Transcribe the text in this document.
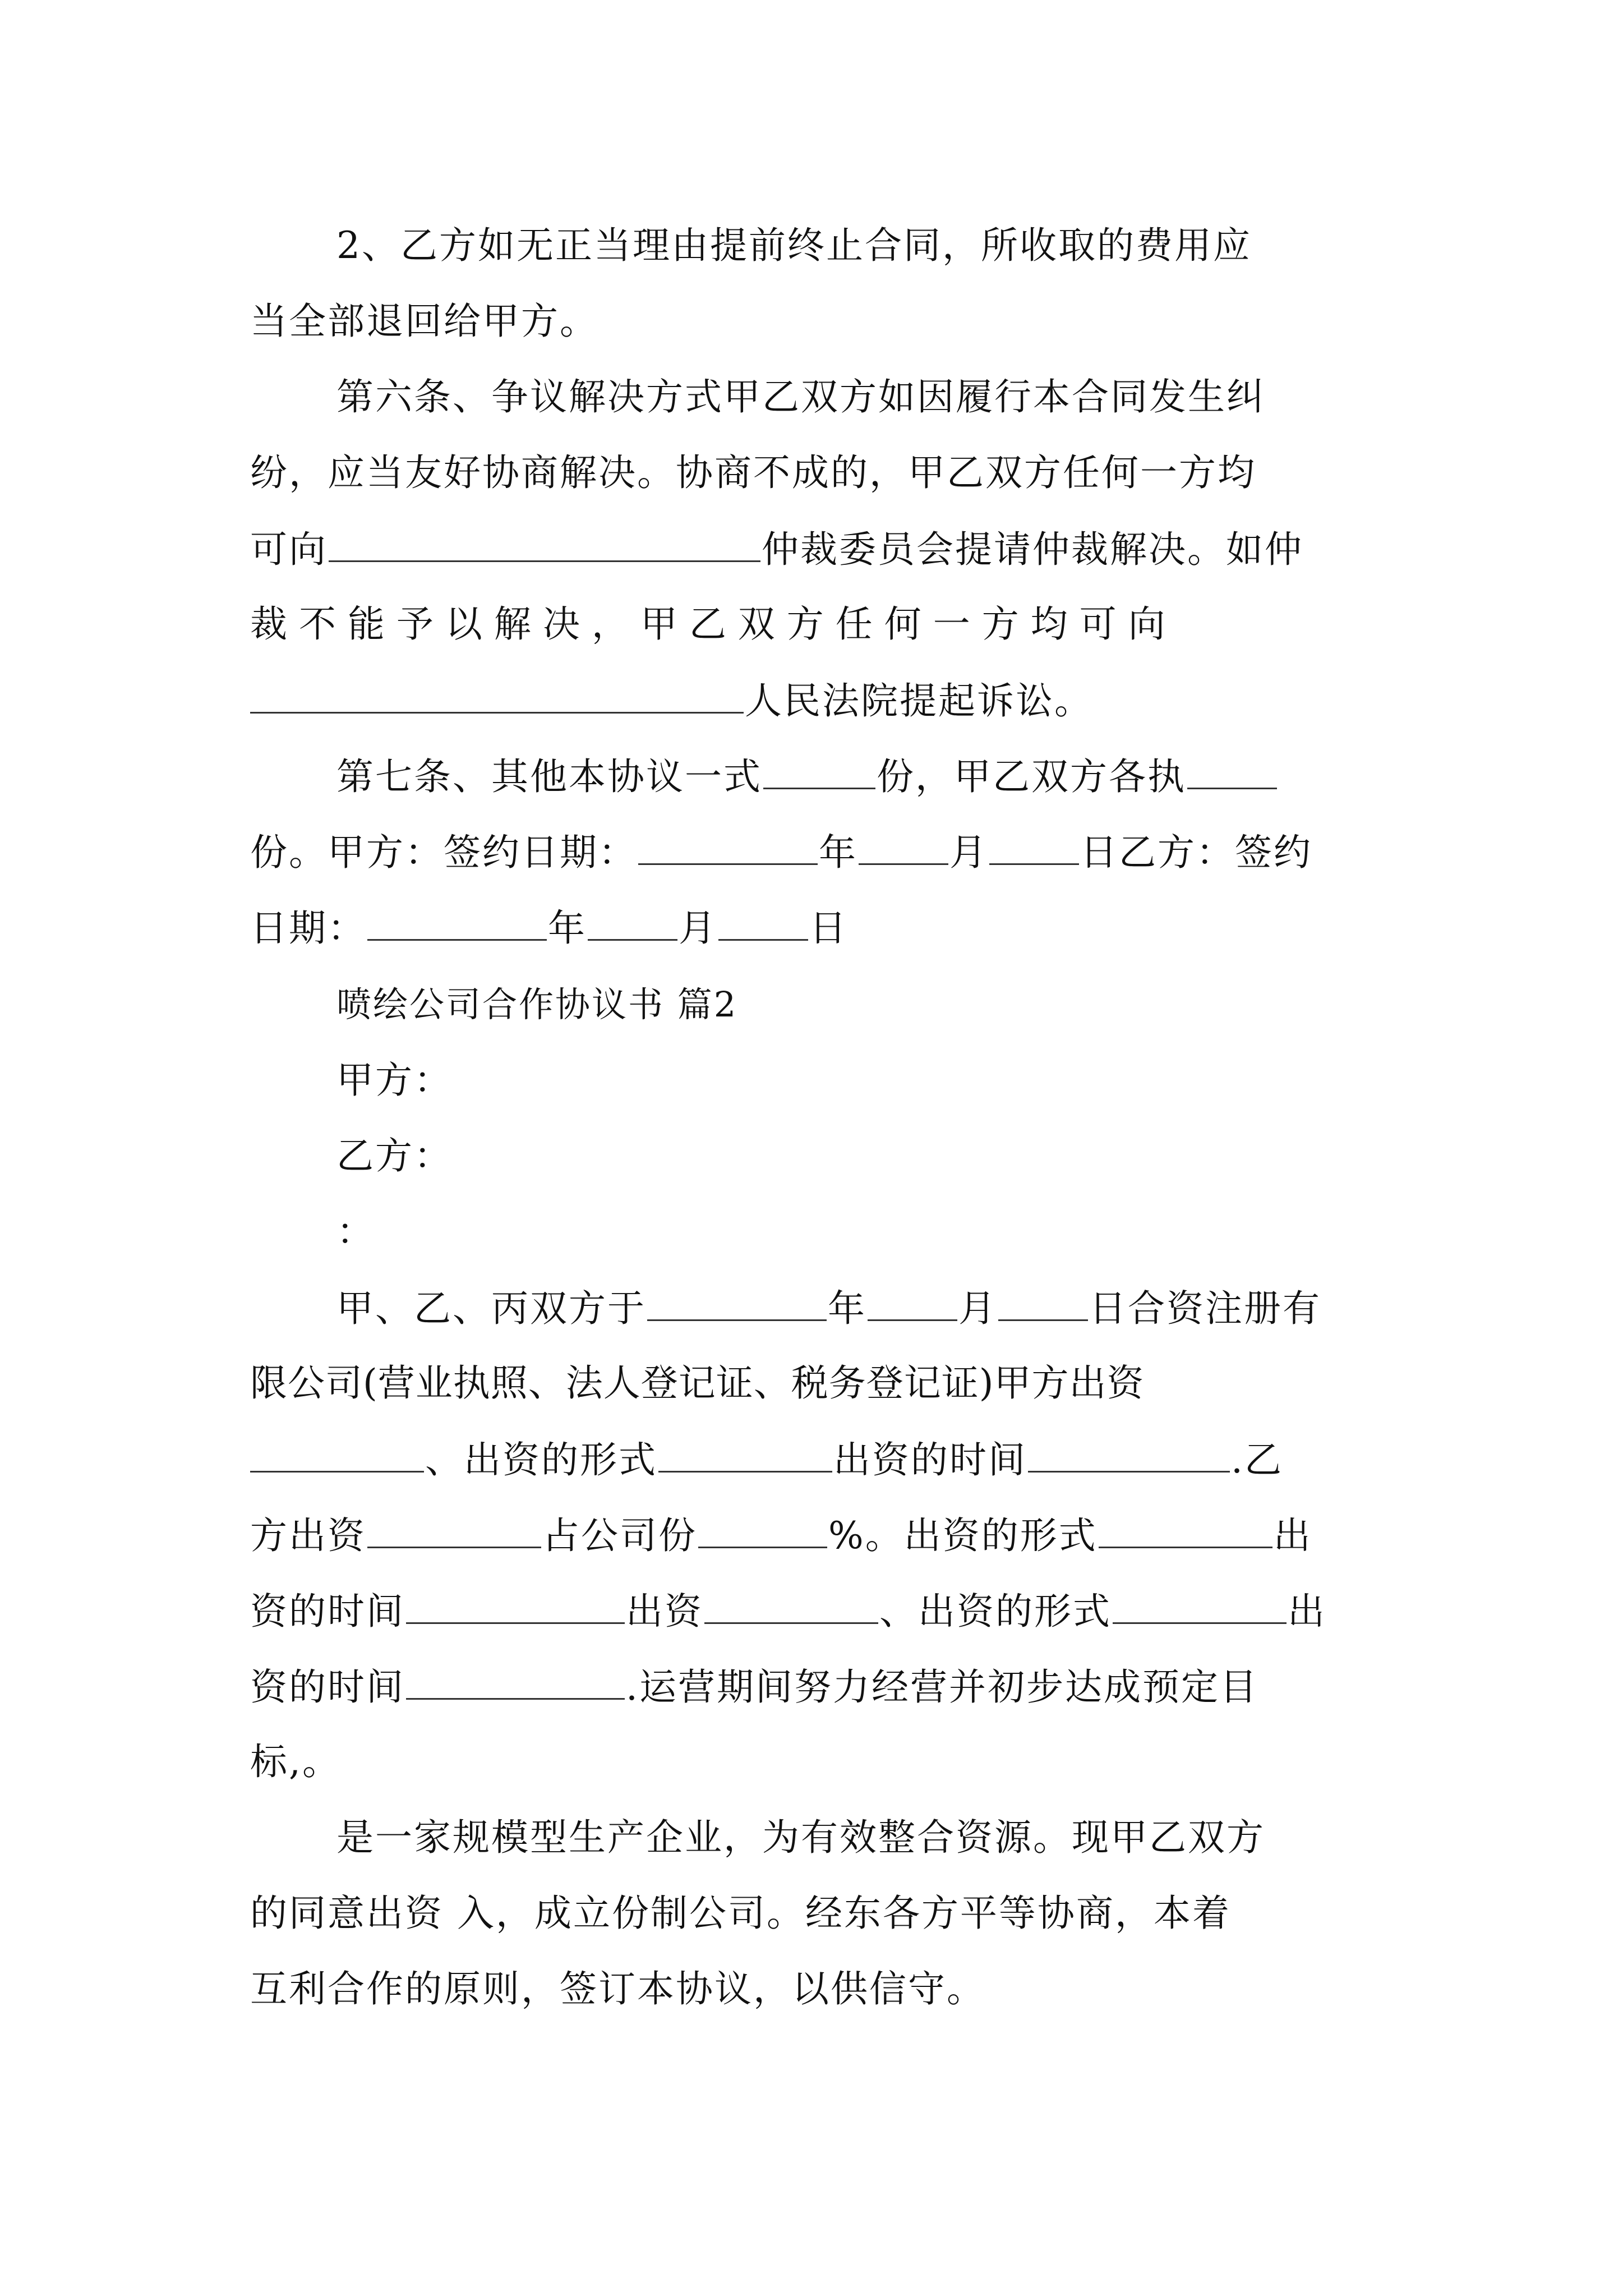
2、乙方如无正当理由提前终止合同，所收取的费用应
当全部退回给甲方。
第六条、争议解决方式甲乙双方如因履行本合同发生纠
纷，应当友好协商解决。协商不成的，甲乙双方任何一方均
可向	仲裁委员会提请仲裁解决。如仲
裁 不 能 予 以 解 决 ， 甲 乙 双 方 任 何 一 方 均 可 向
人民法院提起诉讼。
第七条、其他本协议一式	份，甲乙双方各执
份。甲方：签约日期：	年 月 日乙方：签约
日期：	年 月 日
喷绘公司合作协议书 篇2
甲方：
乙方：
：
甲、乙、丙双方于	年 月 日合资注册有
限公司(营业执照、法人登记证、税务登记证)甲方出资
、出资的形式	出资的时间	.乙
方出资	占公司份	%。出资的形式	出
资的时间	出资	、出资的形式	出
资的时间	.运营期间努力经营并初步达成预定目
标,。
是一家规模型生产企业，为有效整合资源。现甲乙双方
的同意出资 入，成立份制公司。经东各方平等协商，本着
互利合作的原则，签订本协议，以供信守。
